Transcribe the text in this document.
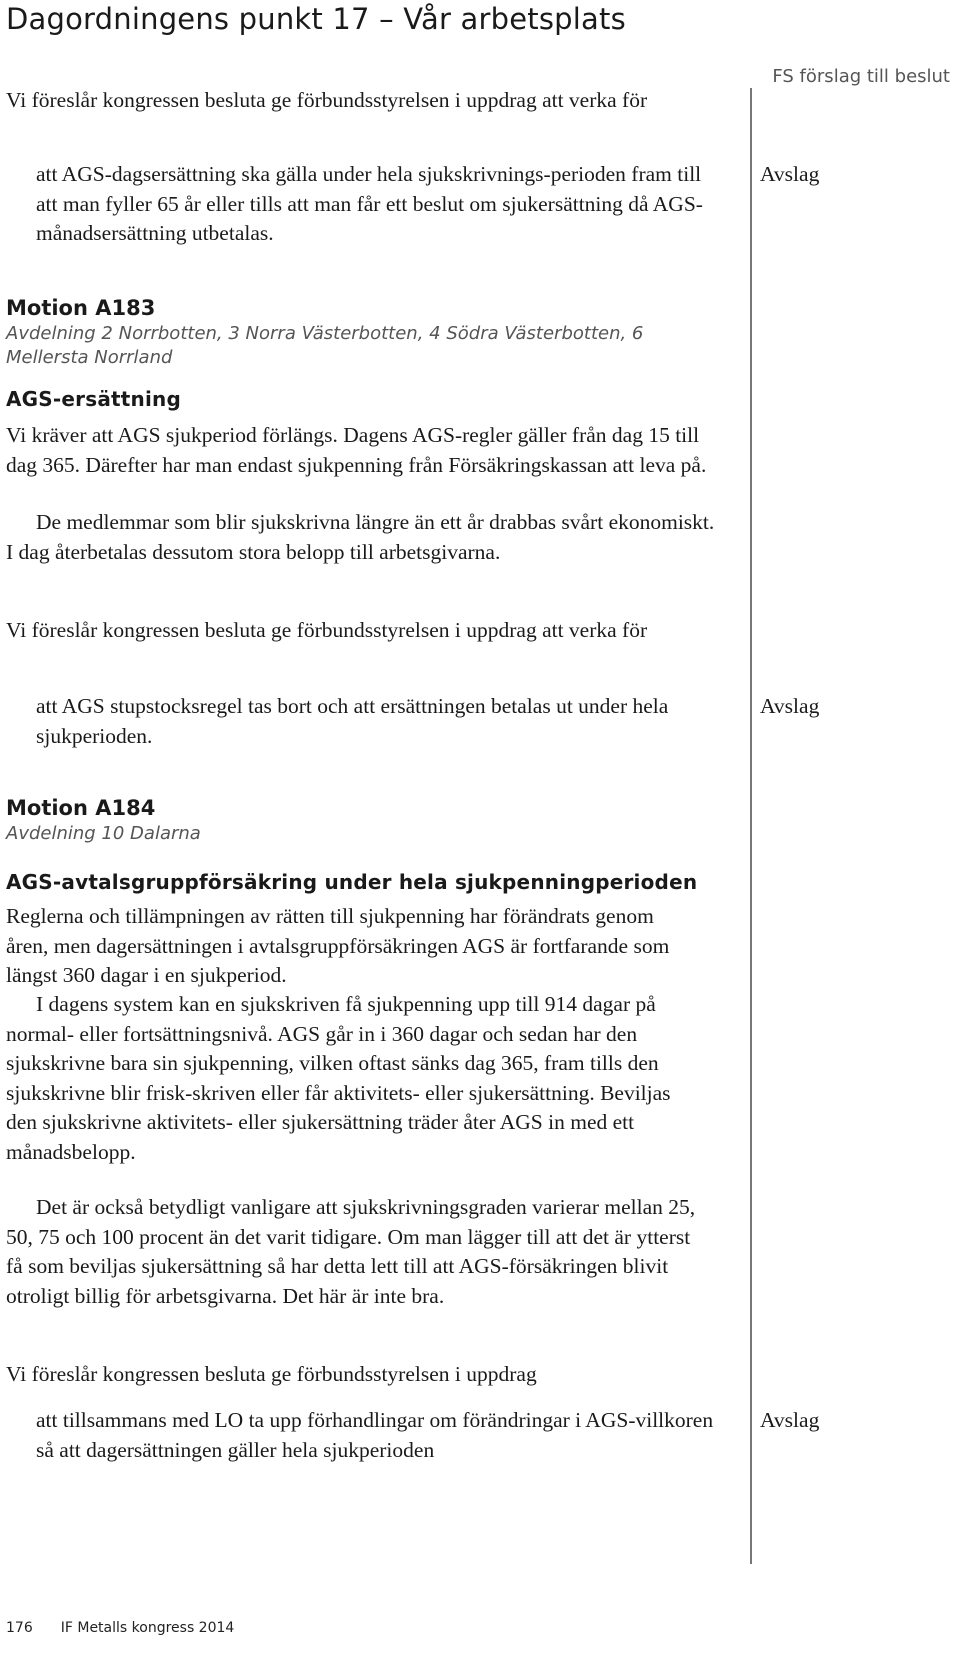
Dagordningens punkt 17 – Vår arbetsplats
FS förslag till beslut

Vi föreslår kongressen besluta ge förbundsstyrelsen i uppdrag att verka för

att AGS-dagsersättning ska gälla under hela sjukskrivnings-perioden fram till att man fyller 65 år eller tills att man får ett beslut om sjukersättning då AGS-månadsersättning utbetalas.

Avslag
Motion A183
Avdelning 2 Norrbotten, 3 Norra Västerbotten, 4 Södra Västerbotten, 6 Mellersta Norrland
AGS-ersättning

Vi kräver att AGS sjukperiod förlängs. Dagens AGS-regler gäller från dag 15 till dag 365. Därefter har man endast sjukpenning från Försäkringskassan att leva på.

De medlemmar som blir sjukskrivna längre än ett år drabbas svårt ekonomiskt. I dag återbetalas dessutom stora belopp till arbetsgivarna.

Vi föreslår kongressen besluta ge förbundsstyrelsen i uppdrag att verka för

att AGS stupstocksregel tas bort och att ersättningen betalas ut under hela sjukperioden.

Avslag
Motion A184
Avdelning 10 Dalarna
AGS-avtalsgruppförsäkring under hela sjukpenningperioden

Reglerna och tillämpningen av rätten till sjukpenning har förändrats genom åren, men dagersättningen i avtalsgruppförsäkringen AGS är fortfarande som längst 360 dagar i en sjukperiod.

I dagens system kan en sjukskriven få sjukpenning upp till 914 dagar på normal- eller fortsättningsnivå. AGS går in i 360 dagar och sedan har den sjukskrivne bara sin sjukpenning, vilken oftast sänks dag 365, fram tills den sjukskrivne blir frisk-skriven eller får aktivitets- eller sjukersättning. Beviljas den sjukskrivne aktivitets- eller sjukersättning träder åter AGS in med ett månadsbelopp.

Det är också betydligt vanligare att sjukskrivningsgraden varierar mellan 25, 50, 75 och 100 procent än det varit tidigare. Om man lägger till att det är ytterst få som beviljas sjukersättning så har detta lett till att AGS-försäkringen blivit otroligt billig för arbetsgivarna. Det här är inte bra.

Vi föreslår kongressen besluta ge förbundsstyrelsen i uppdrag

att tillsammans med LO ta upp förhandlingar om förändringar i AGS-villkoren så att dagersättningen gäller hela sjukperioden

Avslag
176 IF Metalls kongress 2014
